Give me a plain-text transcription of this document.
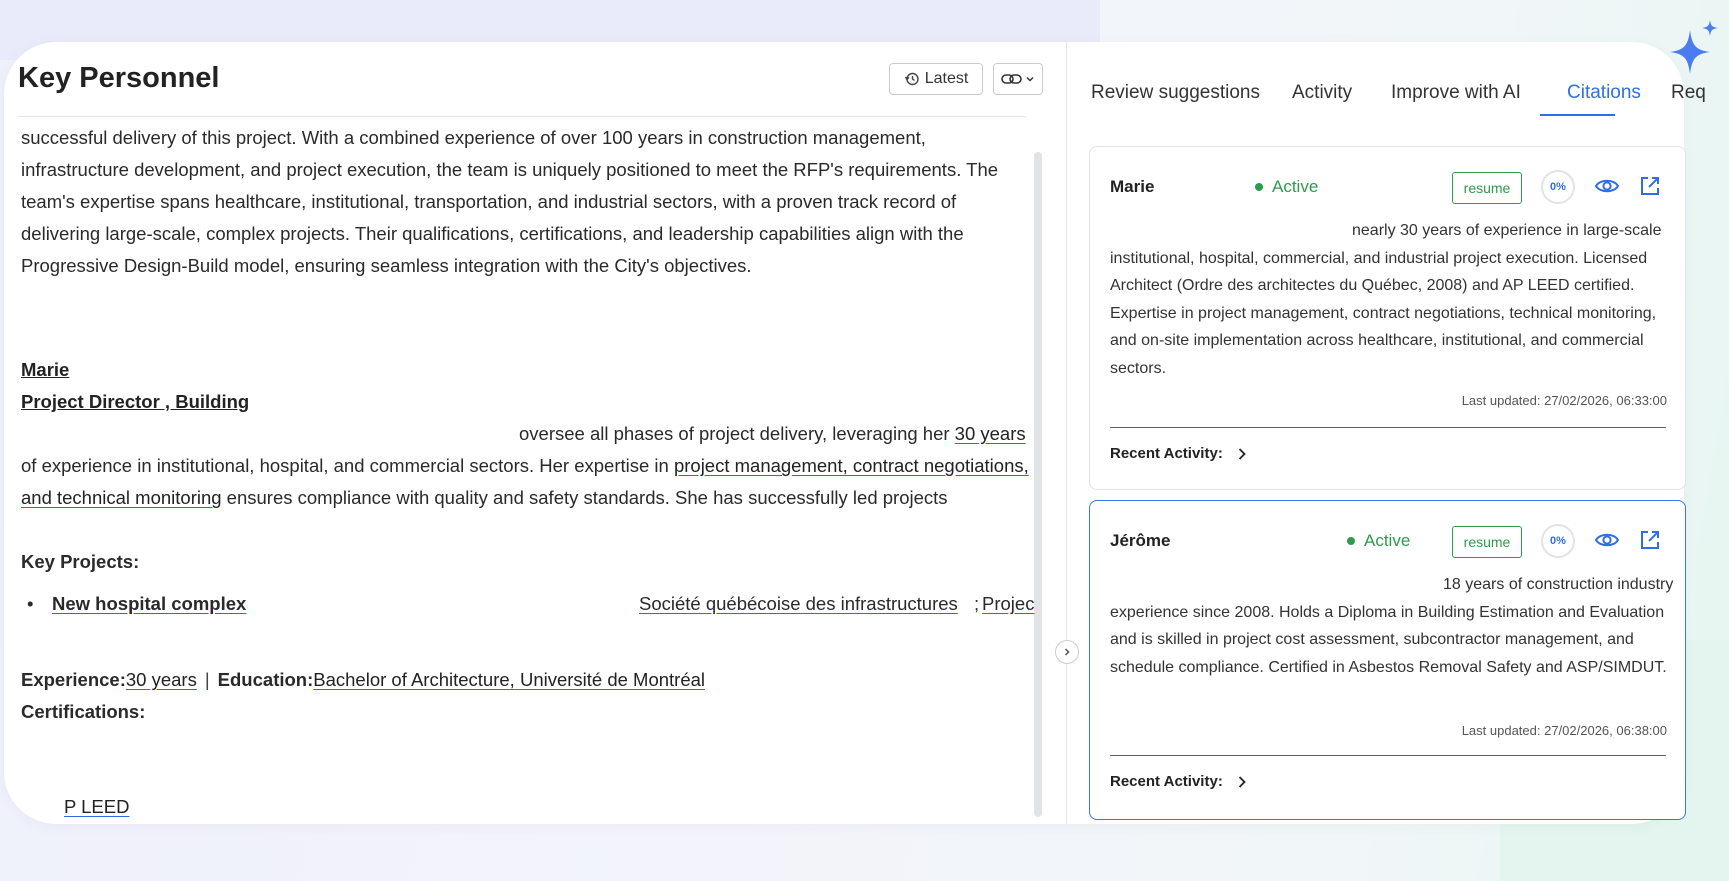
Key Personnel	Latest

successful delivery of this project. With a combined experience of over 100 years in construction management, infrastructure development, and project execution, the team is uniquely positioned to meet the RFP's requirements. The team's expertise spans healthcare, institutional, transportation, and industrial sectors, with a proven track record of delivering large-scale, complex projects. Their qualifications, certifications, and leadership capabilities align with the Progressive Design-Build model, ensuring seamless integration with the City's objectives.

Marie
Project Director , Building

oversee all phases of project delivery, leveraging her 30 years of experience in institutional, hospital, and commercial sectors. Her expertise in project management, contract negotiations, and technical monitoring ensures compliance with quality and safety standards. She has successfully led projects

Key Projects:
• New hospital complex	Société québécoise des infrastructures ; Projec
Experience:30 years | Education:Bachelor of Architecture, Université de Montréal
Certifications:
P LEED
Review suggestions Activity Improve with AI Citations Req
Marie	Active	resume	0%
nearly 30 years of experience in large-scale institutional, hospital, commercial, and industrial project execution. Licensed Architect (Ordre des architectes du Québec, 2008) and AP LEED certified. Expertise in project management, contract negotiations, technical monitoring, and on-site implementation across healthcare, institutional, and commercial sectors.
Last updated: 27/02/2026, 06:33:00
Recent Activity:
Jérôme	Active	resume	0%
18 years of construction industry experience since 2008. Holds a Diploma in Building Estimation and Evaluation and is skilled in project cost assessment, subcontractor management, and schedule compliance. Certified in Asbestos Removal Safety and ASP/SIMDUT.
Last updated: 27/02/2026, 06:38:00
Recent Activity:
